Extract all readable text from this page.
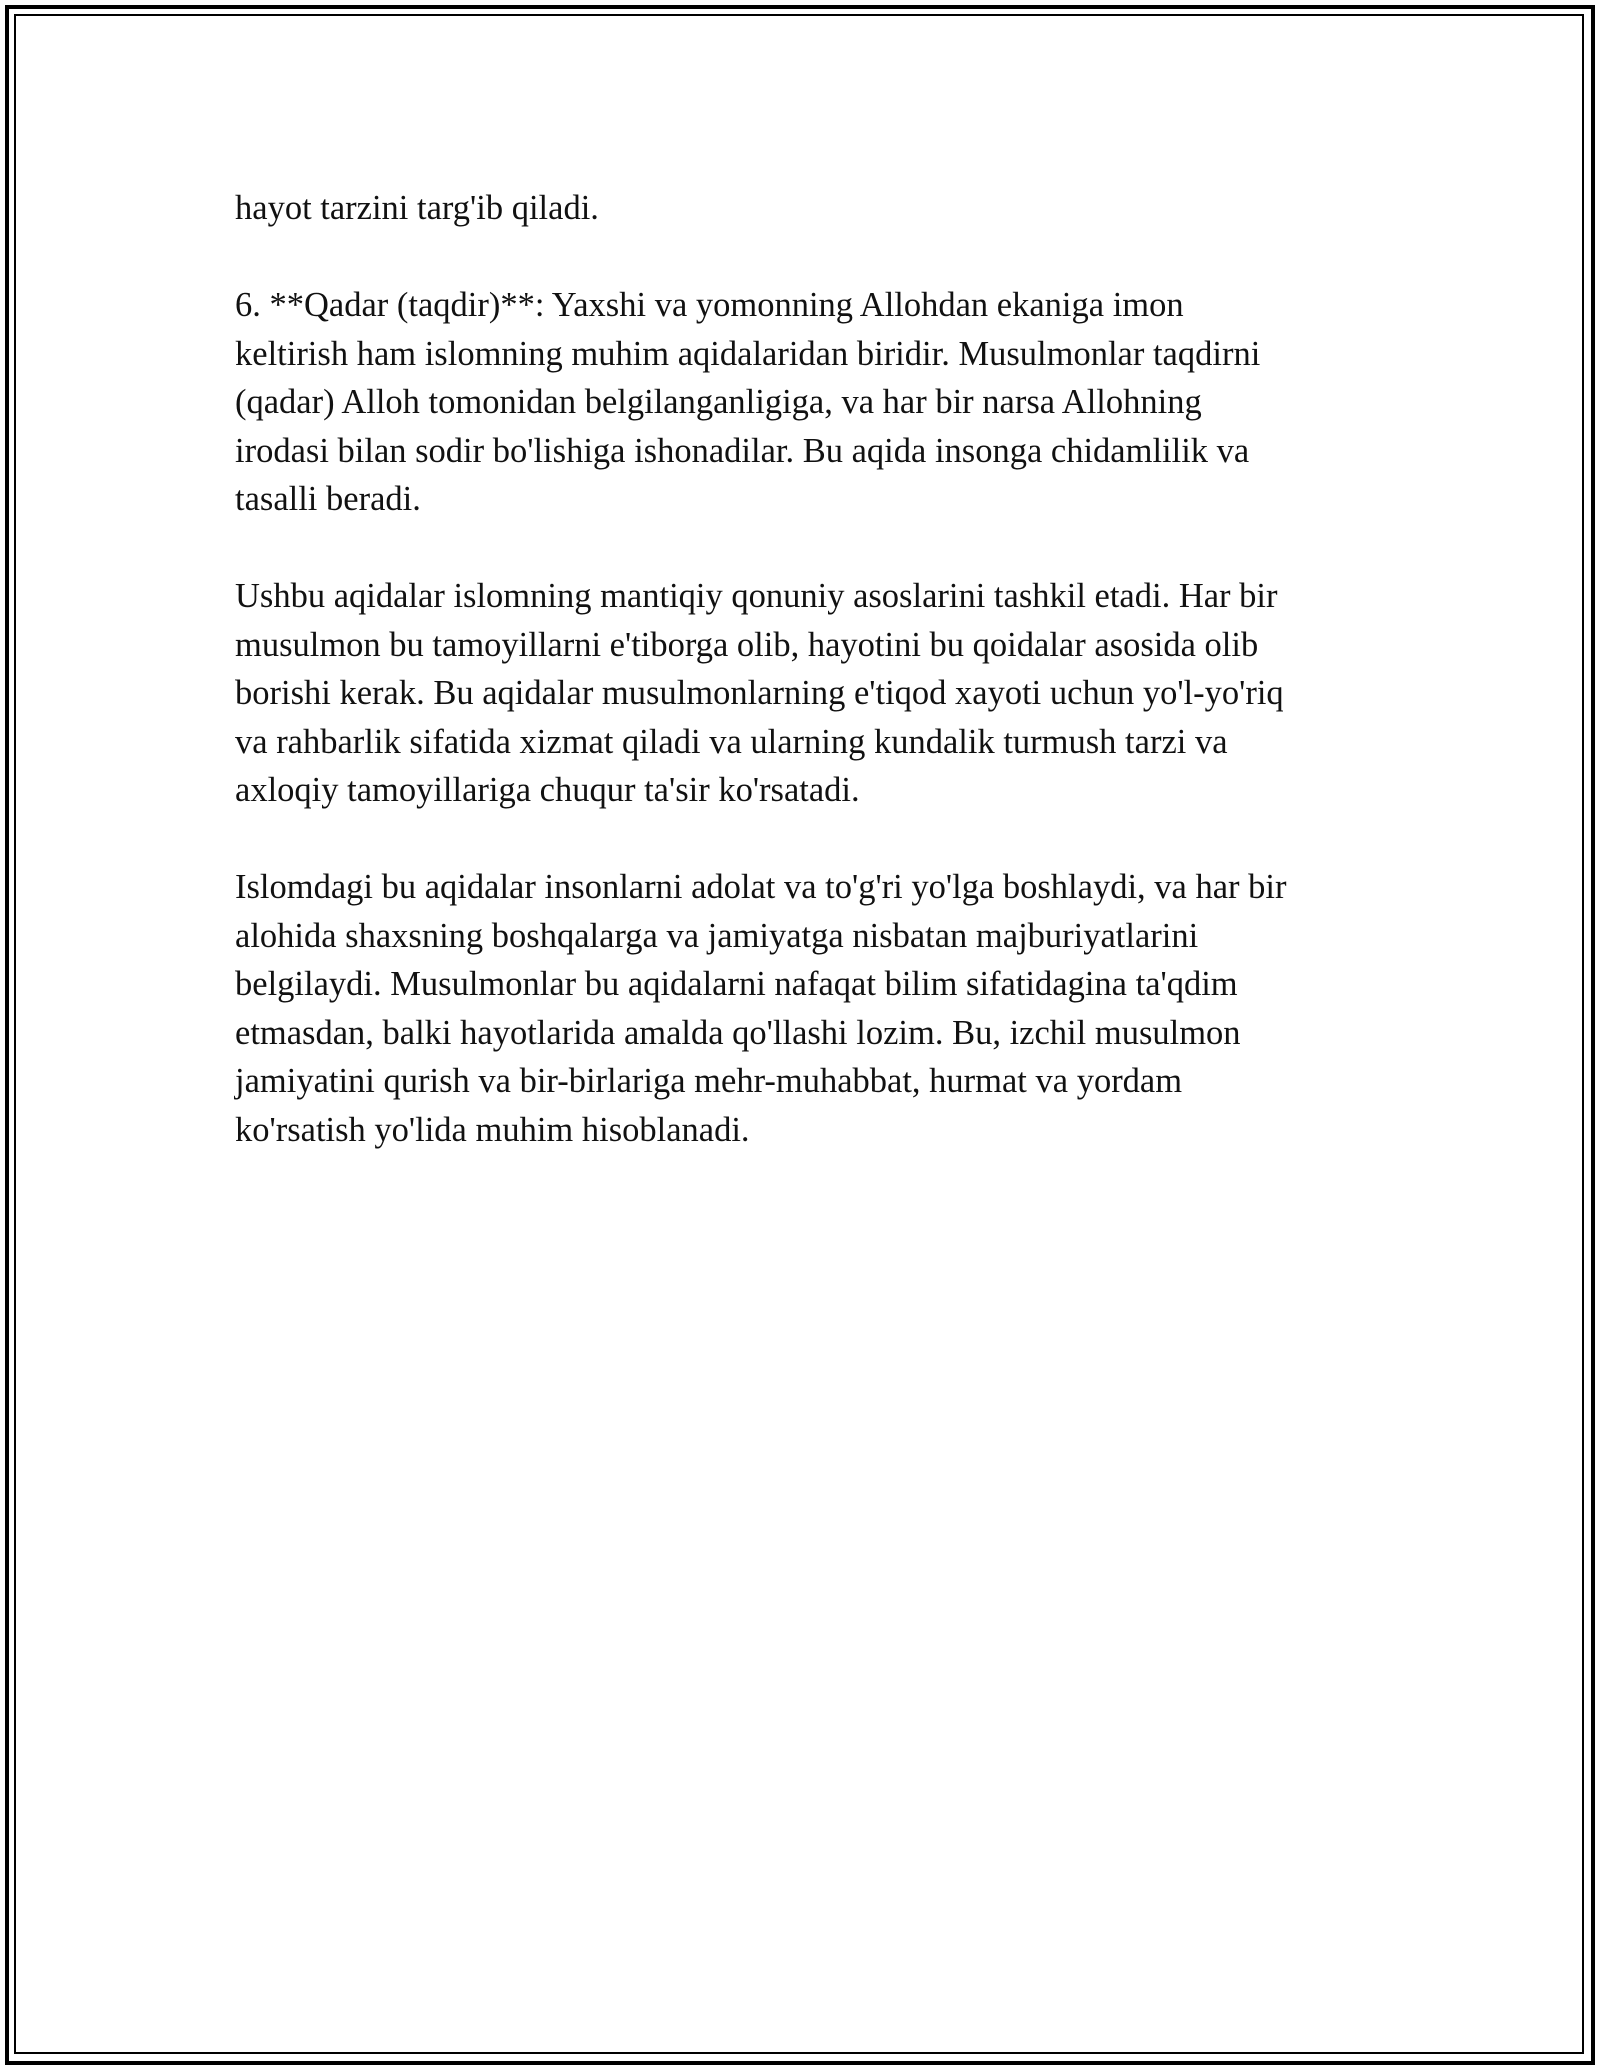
hayot tarzini targ'ib qiladi.

6. **Qadar (taqdir)**: Yaxshi va yomonning Allohdan ekaniga imon
keltirish ham islomning muhim aqidalaridan biridir. Musulmonlar taqdirni
(qadar) Alloh tomonidan belgilanganligiga, va har bir narsa Allohning
irodasi bilan sodir bo'lishiga ishonadilar. Bu aqida insonga chidamlilik va
tasalli beradi.

Ushbu aqidalar islomning mantiqiy qonuniy asoslarini tashkil etadi. Har bir
musulmon bu tamoyillarni e'tiborga olib, hayotini bu qoidalar asosida olib
borishi kerak. Bu aqidalar musulmonlarning e'tiqod xayoti uchun yo'l-yo'riq
va rahbarlik sifatida xizmat qiladi va ularning kundalik turmush tarzi va
axloqiy tamoyillariga chuqur ta'sir ko'rsatadi.

Islomdagi bu aqidalar insonlarni adolat va to'g'ri yo'lga boshlaydi, va har bir
alohida shaxsning boshqalarga va jamiyatga nisbatan majburiyatlarini
belgilaydi. Musulmonlar bu aqidalarni nafaqat bilim sifatidagina ta'qdim
etmasdan, balki hayotlarida amalda qo'llashi lozim. Bu, izchil musulmon
jamiyatini qurish va bir-birlariga mehr-muhabbat, hurmat va yordam
ko'rsatish yo'lida muhim hisoblanadi.
